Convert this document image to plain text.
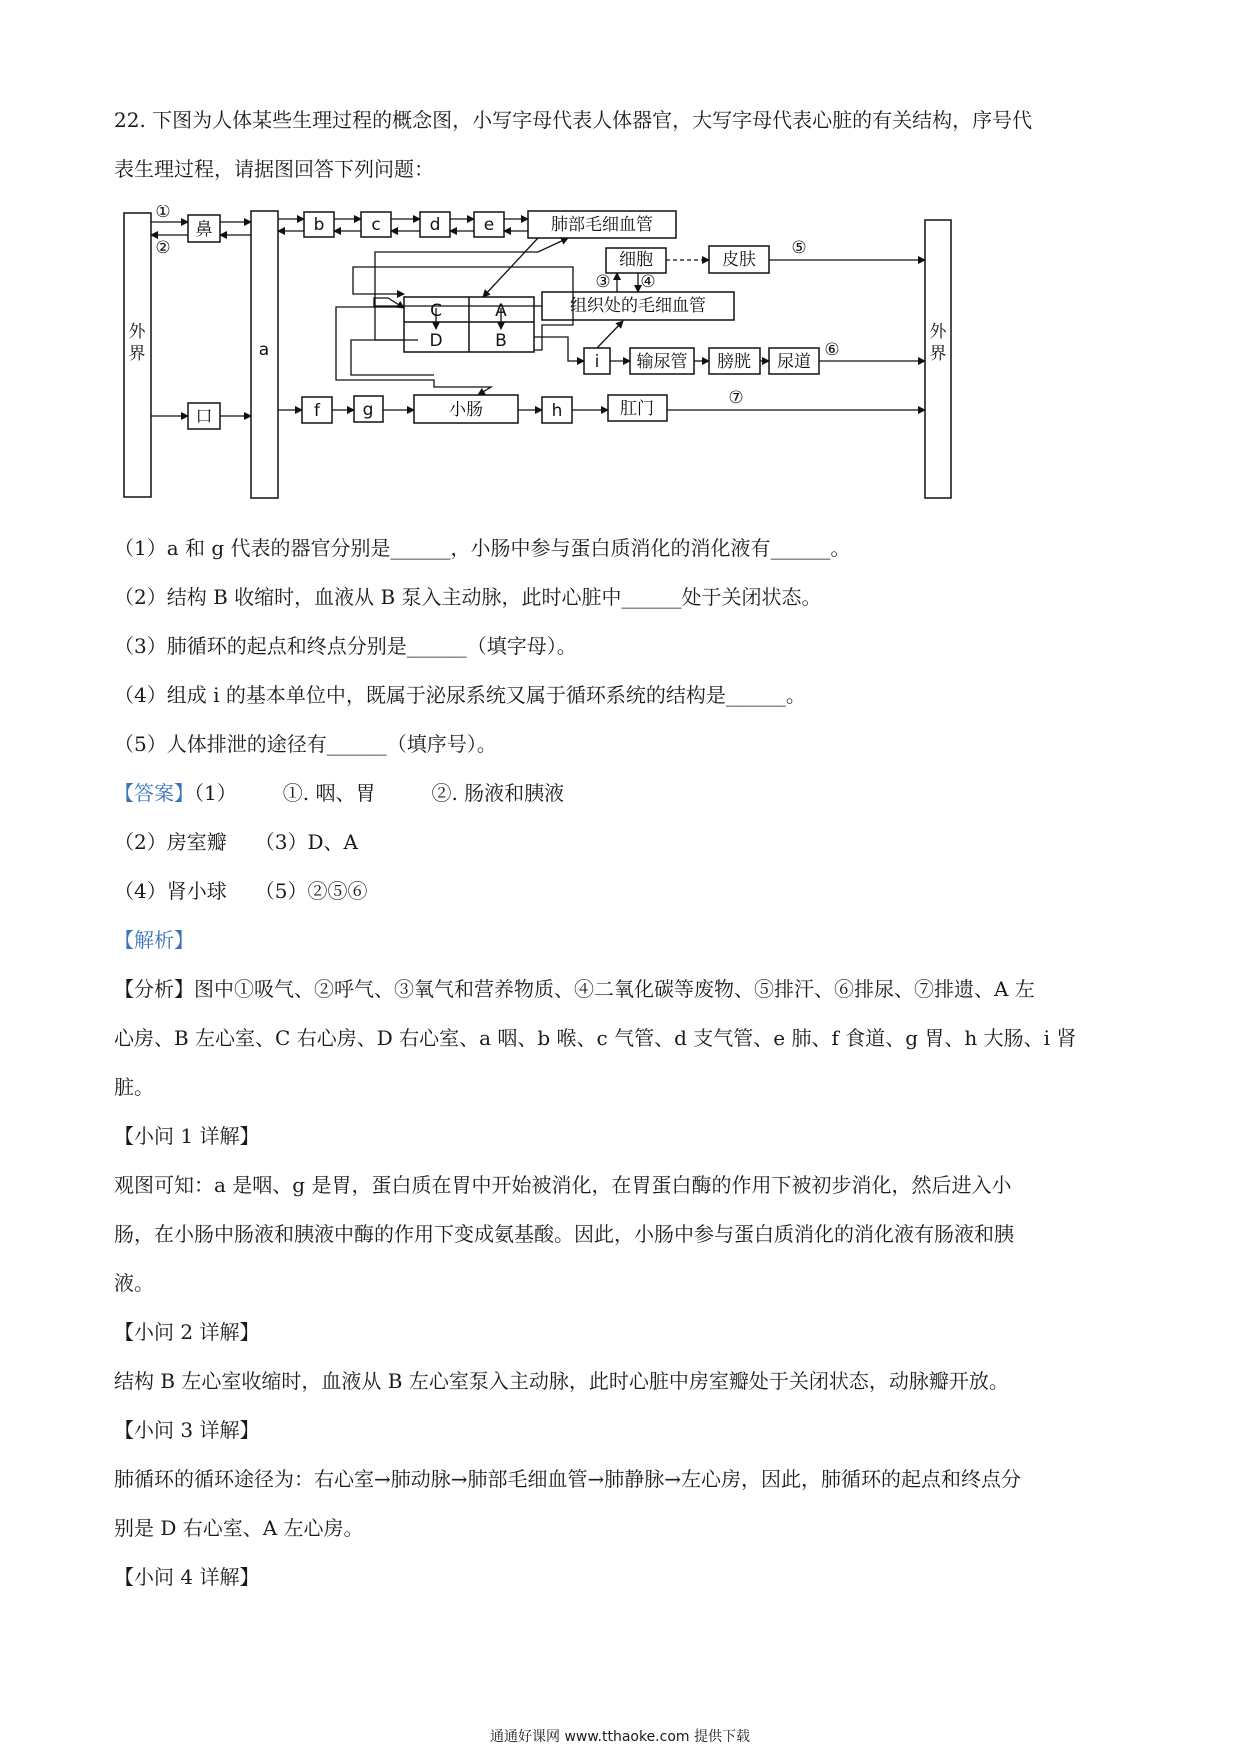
22. 下图为人体某些生理过程的概念图，小写字母代表人体器官，大写字母代表心脏的有关结构，序号代
表生理过程，请据图回答下列问题：
外界	a
外界
鼻
口
b	c	d	e	肺部毛细血管
细胞	皮肤
组织处的毛细血管
C	A
D	B
i 输尿管 膀胱 尿道
f	g	小肠	h	肛门
①
②
③ ④
⑤
⑥
⑦
（1）a 和 g 代表的器官分别是______，小肠中参与蛋白质消化的消化液有______。
（2）结构 B 收缩时，血液从 B 泵入主动脉，此时心脏中______处于关闭状态。
（3）肺循环的起点和终点分别是______（填字母）。
（4）组成 i 的基本单位中，既属于泌尿系统又属于循环系统的结构是______。
（5）人体排泄的途径有______（填序号）。
【答案】（1） ①. 咽、胃	②. 肠液和胰液
（2）房室瓣 （3）D、A
（4）肾小球 （5）②⑤⑥
【解析】
【分析】图中①吸气、②呼气、③氧气和营养物质、④二氧化碳等废物、⑤排汗、⑥排尿、⑦排遗、A 左
心房、B 左心室、C 右心房、D 右心室、a 咽、b 喉、c 气管、d 支气管、e 肺、f 食道、g 胃、h 大肠、i 肾
脏。
【小问 1 详解】
观图可知：a 是咽、g 是胃，蛋白质在胃中开始被消化，在胃蛋白酶的作用下被初步消化，然后进入小
肠，在小肠中肠液和胰液中酶的作用下变成氨基酸。因此，小肠中参与蛋白质消化的消化液有肠液和胰
液。
【小问 2 详解】
结构 B 左心室收缩时，血液从 B 左心室泵入主动脉，此时心脏中房室瓣处于关闭状态，动脉瓣开放。
【小问 3 详解】
肺循环的循环途径为：右心室→肺动脉→肺部毛细血管→肺静脉→左心房，因此，肺循环的起点和终点分
别是 D 右心室、A 左心房。
【小问 4 详解】
通通好课网 www.tthaoke.com 提供下载
